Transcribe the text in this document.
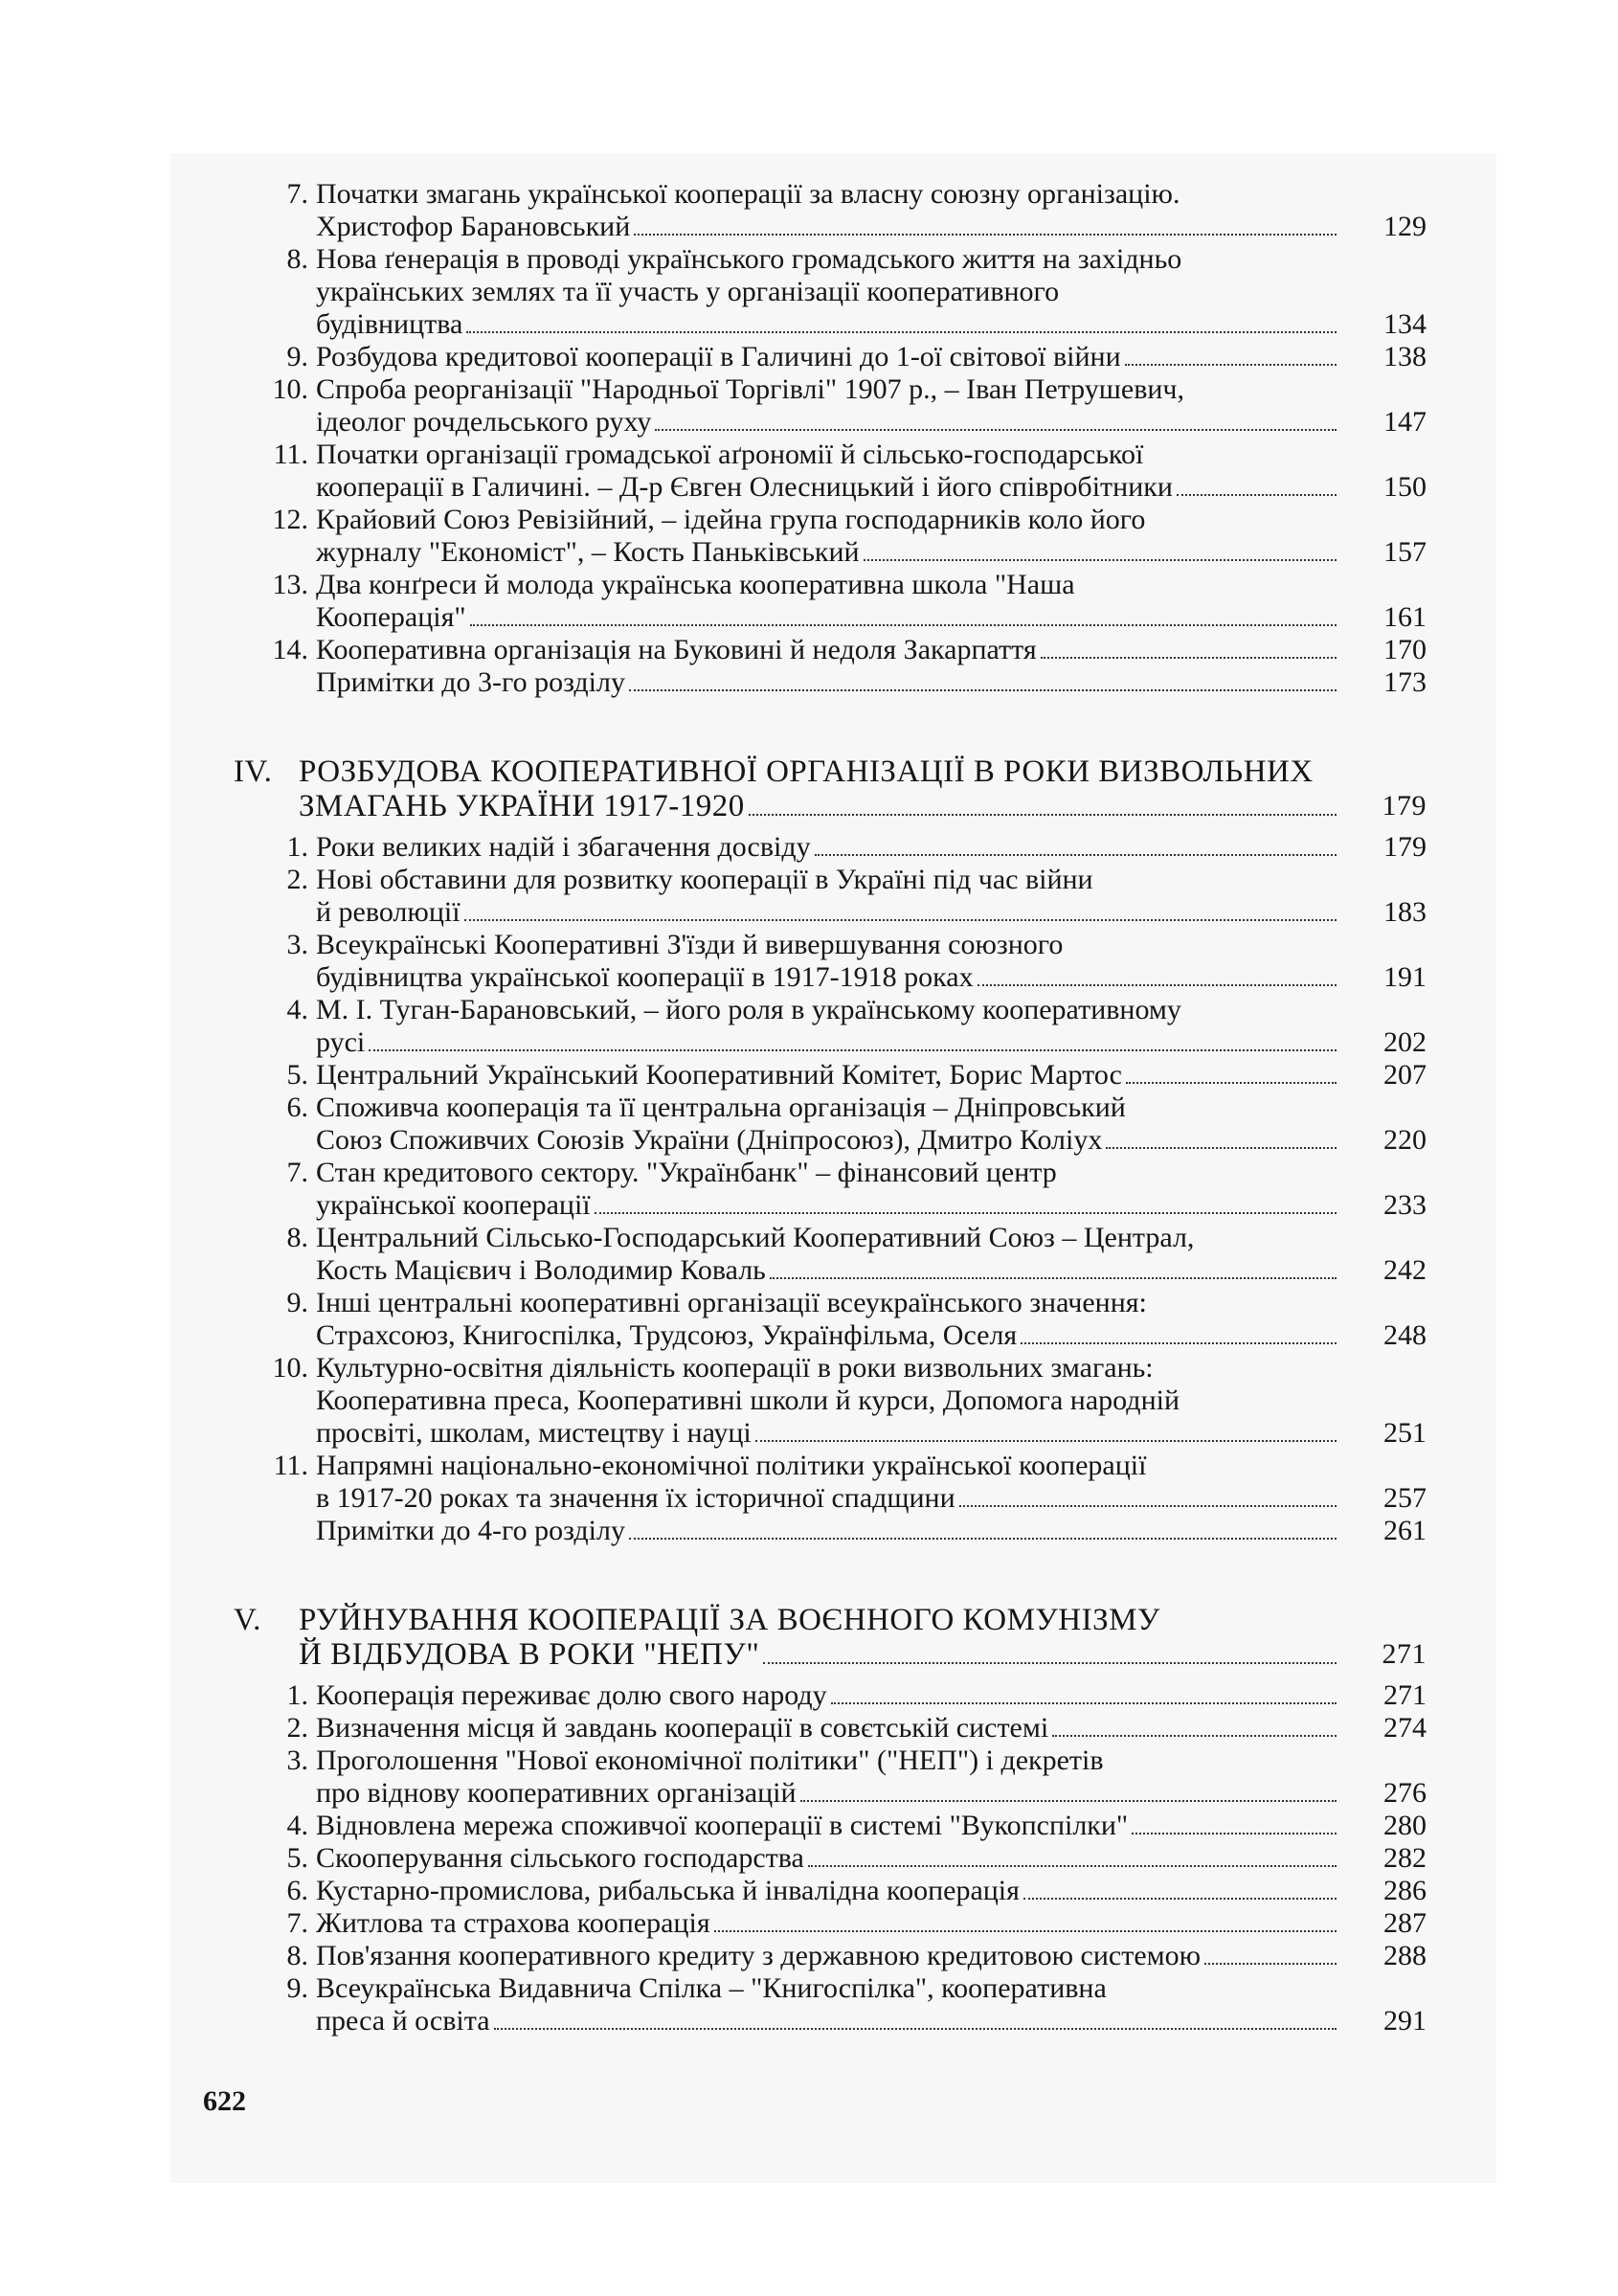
7. Початки змагань української кооперації за власну союзну організацію.
Христофор Барановський	129
8. Нова ґенерація в проводі українського громадського життя на західньо
українських землях та її участь у організації кооперативного
будівництва	134
9. Розбудова кредитової кооперації в Галичині до 1-ої світової війни	138
10. Спроба реорганізації "Народньої Торгівлі" 1907 р., – Іван Петрушевич,
ідеолог рочдельського руху	147
11. Початки організації громадської аґрономії й сільсько-господарської
кооперації в Галичині. – Д-р Євген Олесницький і його співробітники	150
12. Крайовий Союз Ревізійний, – ідейна група господарників коло його
журналу "Економіст", – Кость Паньківський	157
13. Два конґреси й молода українська кооперативна школа "Наша
Кооперація"	161
14. Кооперативна організація на Буковині й недоля Закарпаття	170
Примітки до 3-го розділу	173
IV. РОЗБУДОВА КООПЕРАТИВНОЇ ОРГАНІЗАЦІЇ В РОКИ ВИЗВОЛЬНИХ
ЗМАГАНЬ УКРАЇНИ 1917-1920	179
1. Роки великих надій і збагачення досвіду	179
2. Нові обставини для розвитку кооперації в Україні під час війни
й революції	183
3. Всеукраїнські Кооперативні З'їзди й вивершування союзного
будівництва української кооперації в 1917-1918 роках	191
4. М. І. Туган-Барановський, – його роля в українському кооперативному
русі	202
5. Центральний Український Кооперативний Комітет, Борис Мартос	207
6. Споживча кооперація та її центральна організація – Дніпровський
Союз Споживчих Союзів України (Дніпросоюз), Дмитро Коліух	220
7. Стан кредитового сектору. "Українбанк" – фінансовий центр
української кооперації	233
8. Центральний Сільсько-Господарський Кооперативний Союз – Централ,
Кость Мацієвич і Володимир Коваль	242
9. Інші центральні кооперативні організації всеукраїнського значення:
Страхсоюз, Книгоспілка, Трудсоюз, Українфільма, Оселя	248
10. Культурно-освітня діяльність кооперації в роки визвольних змагань:
Кооперативна преса, Кооперативні школи й курси, Допомога народній
просвіті, школам, мистецтву і науці	251
11. Напрямні національно-економічної політики української кооперації
в 1917-20 роках та значення їх історичної спадщини	257
Примітки до 4-го розділу	261
V.	РУЙНУВАННЯ КООПЕРАЦІЇ ЗА ВОЄННОГО КОМУНІЗМУ
Й ВІДБУДОВА В РОКИ "НЕПУ"	271
1. Кооперація переживає долю свого народу	271
2. Визначення місця й завдань кооперації в совєтській системі	274
3. Проголошення "Нової економічної політики" ("НЕП") і декретів
про віднову кооперативних організацій	276
4. Відновлена мережа споживчої кооперації в системі "Вукопспілки"	280
5. Скооперування сільського господарства	282
6. Кустарно-промислова, рибальська й інвалідна кооперація	286
7. Житлова та страхова кооперація	287
8. Пов'язання кооперативного кредиту з державною кредитовою системою	288
9. Всеукраїнська Видавнича Спілка – "Книгоспілка", кооперативна
преса й освіта	291
622
